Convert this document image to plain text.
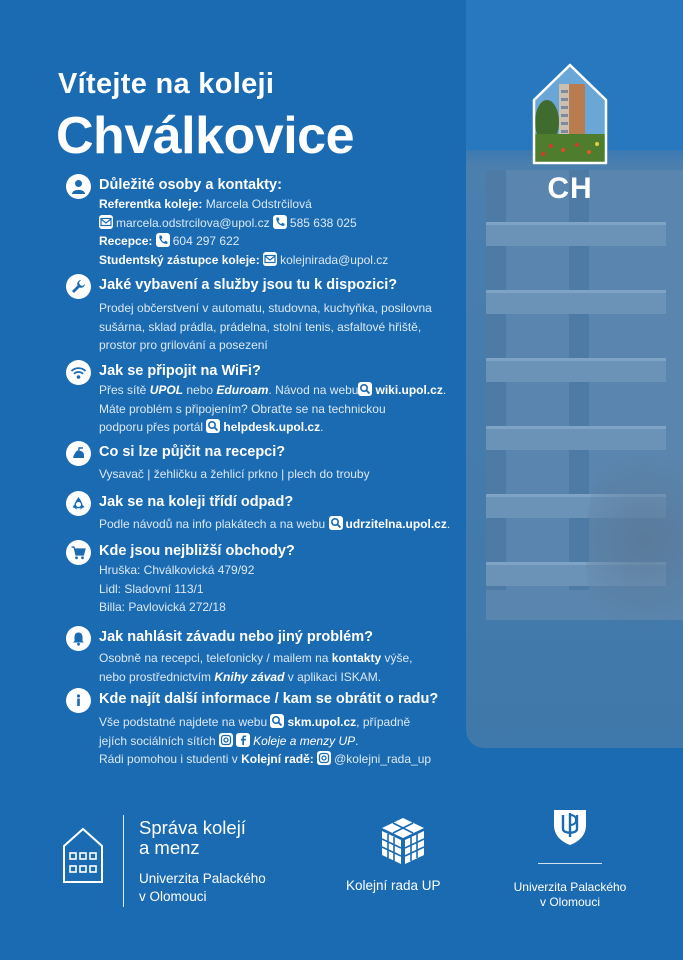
CH
Vítejte na koleji
Chválkovice
Důležité osoby a kontakty:

Referentka koleje: Marcela Odstrčilová

marcela.odstrcilova@upol.cz 585 638 025

Recepce: 604 297 622

Studentský zástupce koleje: kolejnirada@upol.cz

Jaké vybavení a služby jsou tu k dispozici?

Prodej občerstvení v automatu, studovna, kuchyňka, posilovna

sušárna, sklad prádla, prádelna, stolní tenis, asfaltové hřiště,

prostor pro grilování a posezení

Jak se připojit na WiFi?

Přes sítě UPOL nebo Eduroam. Návod na webu wiki.upol.cz.

Máte problém s připojením? Obraťte se na technickou

podporu přes portál helpdesk.upol.cz.

Co si lze půjčit na recepci?

Vysavač | žehličku a žehlicí prkno | plech do trouby

Jak se na koleji třídí odpad?

Podle návodů na info plakátech a na webu udrzitelna.upol.cz.

Kde jsou nejbližší obchody?

Hruška: Chválkovická 479/92

Lidl: Sladovní 113/1

Billa: Pavlovická 272/18

Jak nahlásit závadu nebo jiný problém?

Osobně na recepci, telefonicky / mailem na kontakty výše,

nebo prostřednictvím Knihy závad v aplikaci ISKAM.

Kde najít další informace / kam se obrátit o radu?

Vše podstatné najdete na webu skm.upol.cz, případně

jejích sociálních sítích	Koleje a menzy UP.

Rádi pomohou i studenti v Kolejní radě: @kolejni_rada_up

Správa kolejí
a menz
Univerzita Palackého
v Olomouci
Kolejní rada UP	Univerzita Palackého
v Olomouci
